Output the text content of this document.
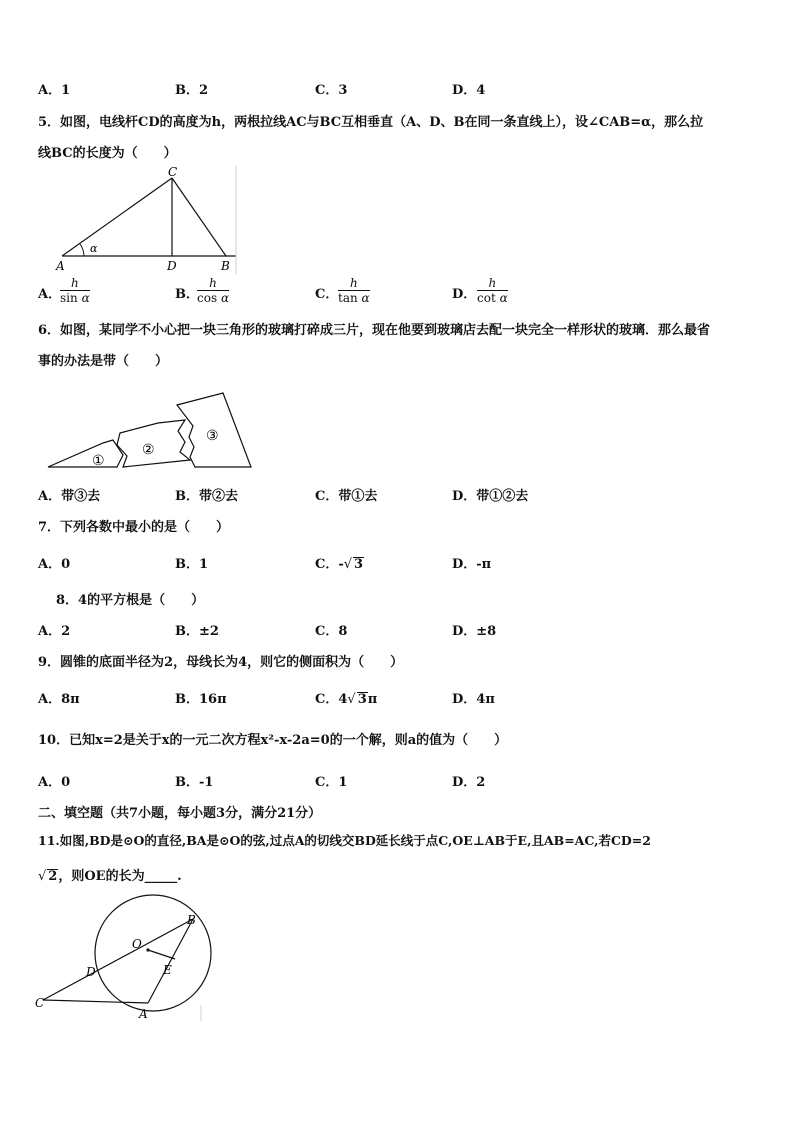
A．1	B．2	C．3	D．4
5．如图，电线杆CD的高度为h，两根拉线AC与BC互相垂直（A、D、B在同一条直线上），设∠CAB=α，那么拉
线BC的长度为（　　）
C
A	D	B
α
A．
$\frac{h}{\text{sin α}}$	B．
$\frac{h}{\text{cos α}}$	C． $\frac{h}{\text{tan α}}$	D． $\frac{h}{\text{cot α}}$
6．如图，某同学不小心把一块三角形的玻璃打碎成三片，现在他要到玻璃店去配一块完全一样形状的玻璃．那么最省
事的办法是带（　　）
①
②
③
A．带③去	B．带②去	C．带①去	D．带①②去
7．下列各数中最小的是（　　）
A．0	B．1	C．-√ 3	D．-π
8．4的平方根是（　　）
A．2	B．±2	C．8	D．±8
9．圆锥的底面半径为2，母线长为4，则它的侧面积为（　　）
A．8π	B．16π	C．4√ 3π	D．4π
10．已知x=2是关于x的一元二次方程x²-x-2a=0的一个解，则a的值为（　　）
A．0	B．-1	C．1	D．2
二、填空题（共7小题，每小题3分，满分21分）
11.如图,BD是⊙O的直径,BA是⊙O的弦,过点A的切线交BD延长线于点C,OE⊥AB于E,且AB=AC,若CD=2
√ 2，则OE的长为_____.
B
O
D	E
C
A
